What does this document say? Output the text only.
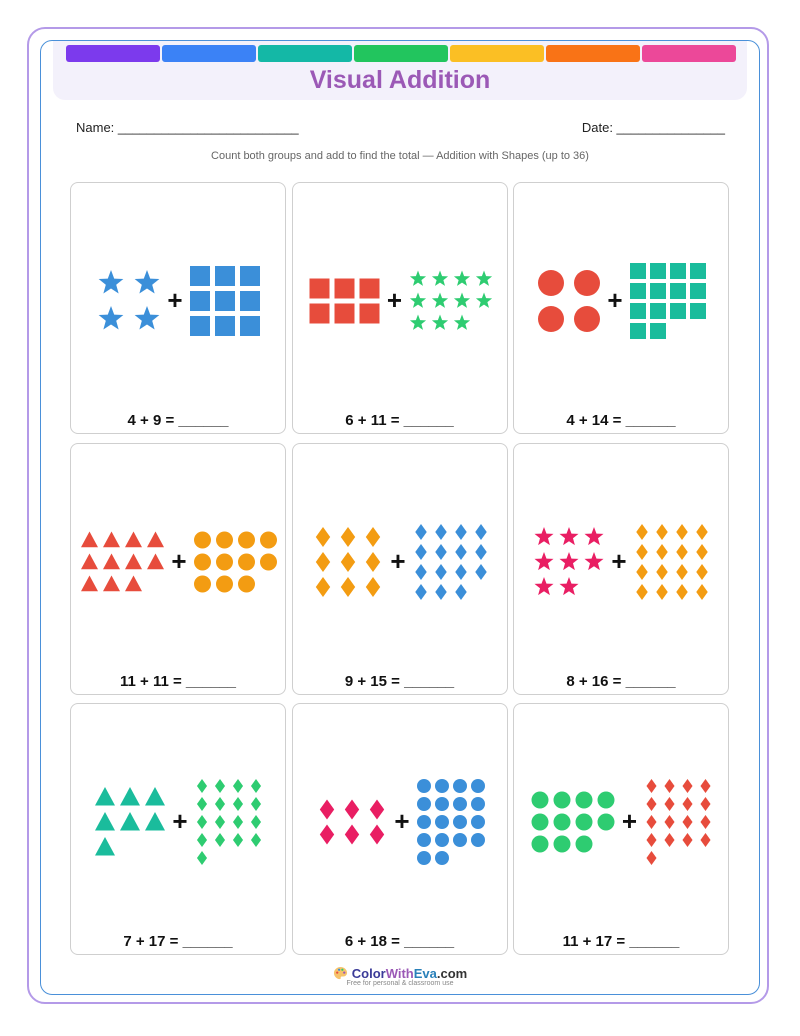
Visual Addition
Name: _________________________	Date: _______________
Count both groups and add to find the total — Addition with Shapes (up to 36)
+
4 + 9 = ______
+
6 + 11 = ______
+
4 + 14 = ______
+
11 + 11 = ______
+
9 + 15 = ______
+
8 + 16 = ______
+
7 + 17 = ______
+
6 + 18 = ______
+
11 + 17 = ______
ColorWithEva.com
Free for personal & classroom use
